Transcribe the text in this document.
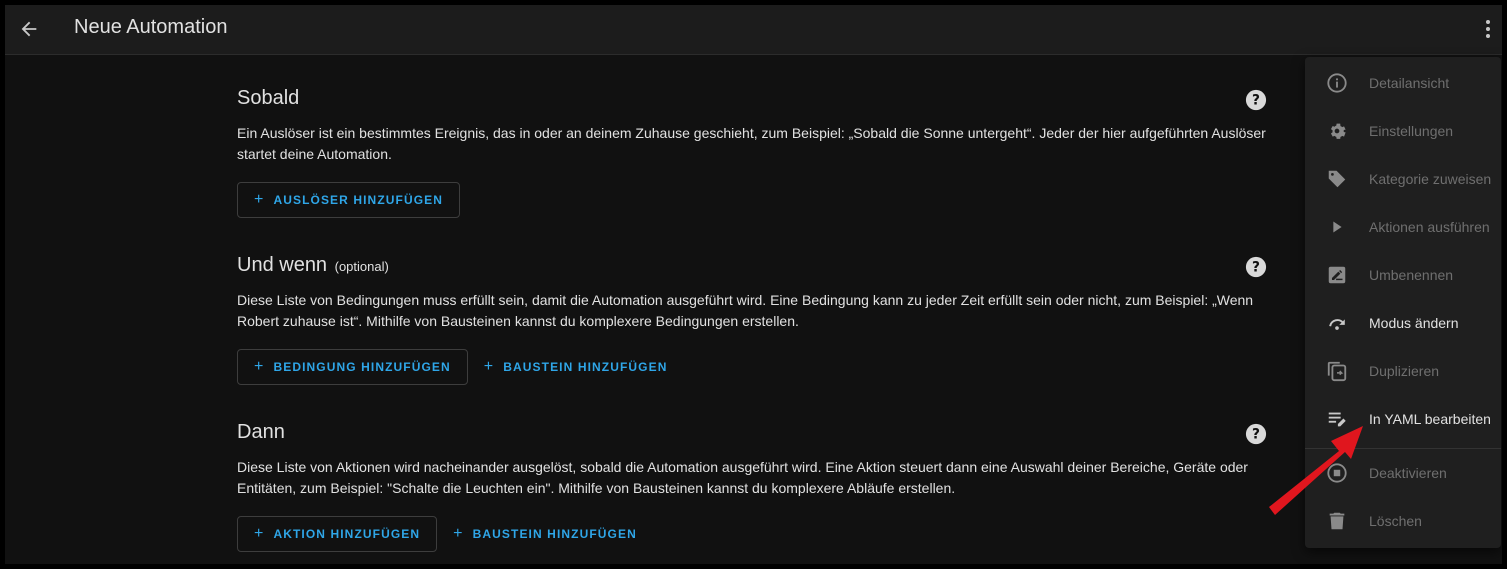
Neue Automation
Sobald	?

Ein Auslöser ist ein bestimmtes Ereignis, das in oder an deinem Zuhause geschieht, zum Beispiel: „Sobald die Sonne untergeht“. Jeder der hier aufgeführten Auslöser startet deine Automation.

+ AUSLÖSER HINZUFÜGEN
Und wenn (optional)	?

Diese Liste von Bedingungen muss erfüllt sein, damit die Automation ausgeführt wird. Eine Bedingung kann zu jeder Zeit erfüllt sein oder nicht, zum Beispiel: „Wenn Robert zuhause ist“. Mithilfe von Bausteinen kannst du komplexere Bedingungen erstellen.

+ BEDINGUNG HINZUFÜGEN + BAUSTEIN HINZUFÜGEN
Dann	?

Diese Liste von Aktionen wird nacheinander ausgelöst, sobald die Automation ausgeführt wird. Eine Aktion steuert dann eine Auswahl deiner Bereiche, Geräte oder Entitäten, zum Beispiel: "Schalte die Leuchten ein". Mithilfe von Bausteinen kannst du komplexere Abläufe erstellen.

+ AKTION HINZUFÜGEN + BAUSTEIN HINZUFÜGEN
Detailansicht
Einstellungen
Kategorie zuweisen
Aktionen ausführen
Umbenennen
Modus ändern
Duplizieren
In YAML bearbeiten
Deaktivieren
Löschen
